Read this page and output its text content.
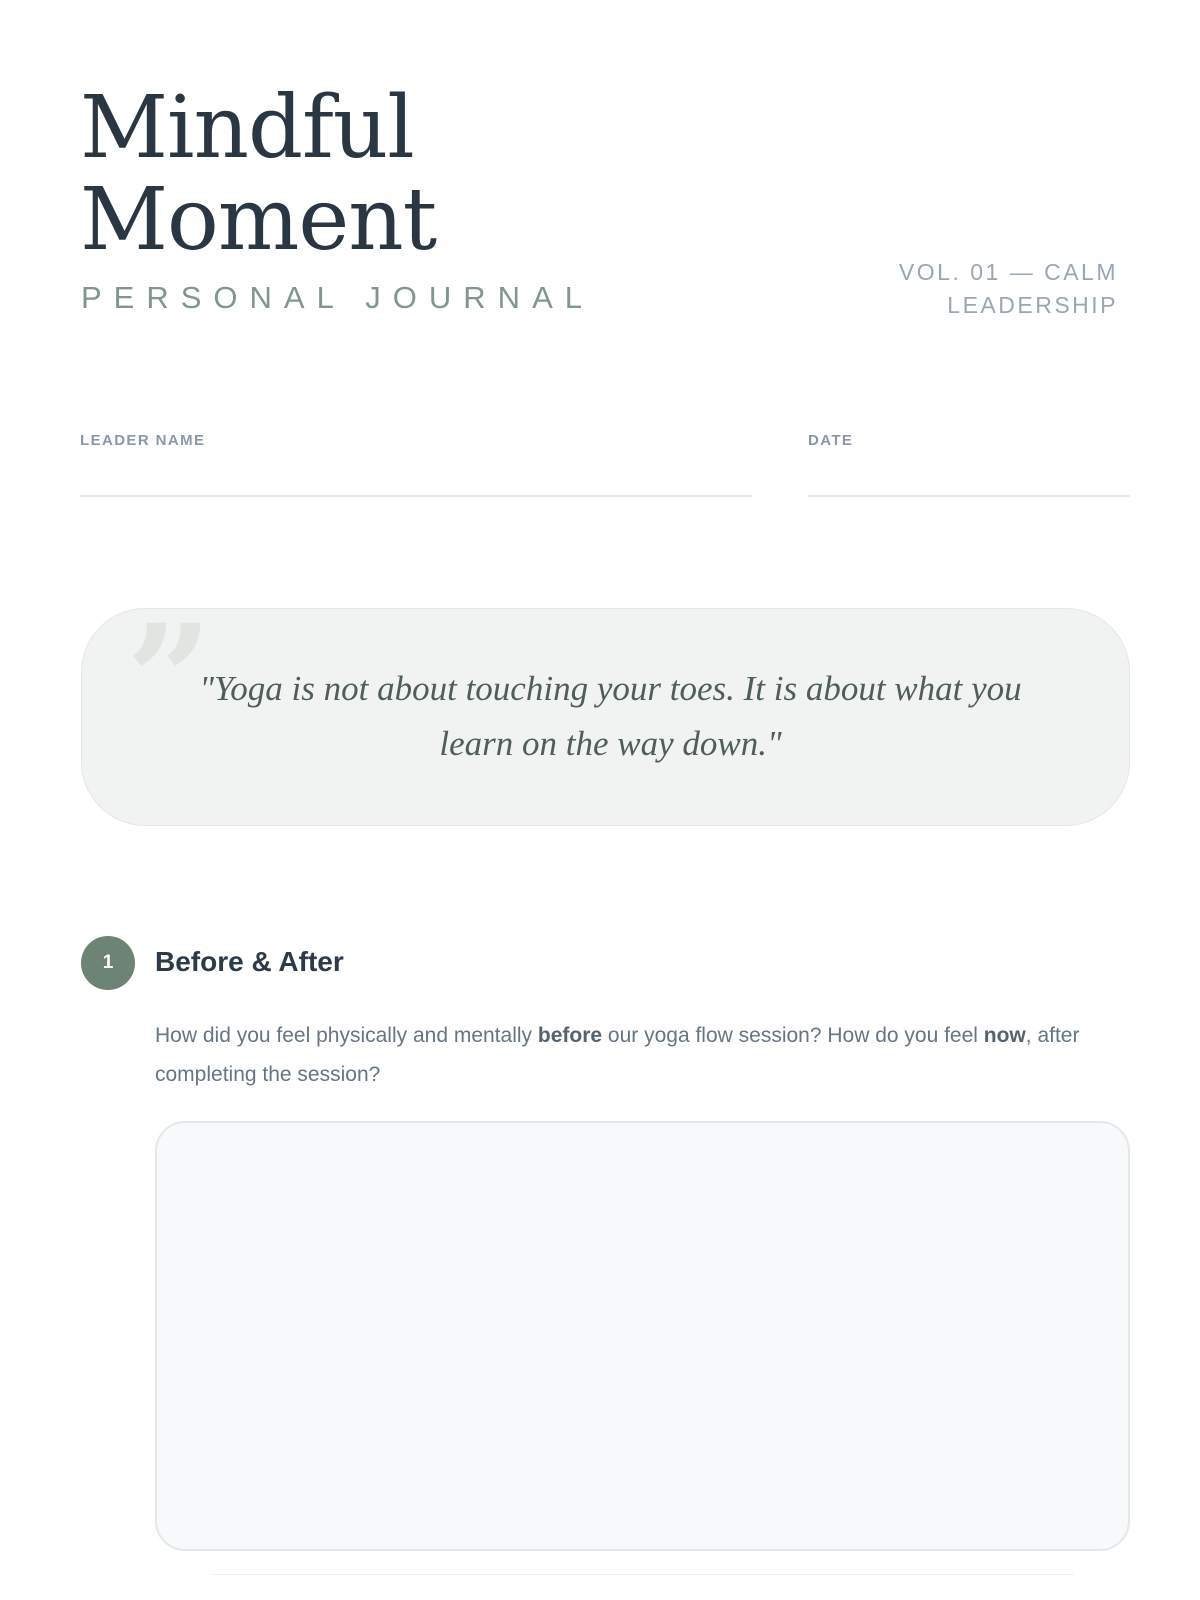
Mindful
Moment
PERSONAL JOURNAL
VOL. 01 — CALM
LEADERSHIP
LEADER NAME	DATE
”
"Yoga is not about touching your toes. It is about what you learn on the way down."
1	Before & After
How did you feel physically and mentally before our yoga flow session? How do you feel now, after completing the session?
